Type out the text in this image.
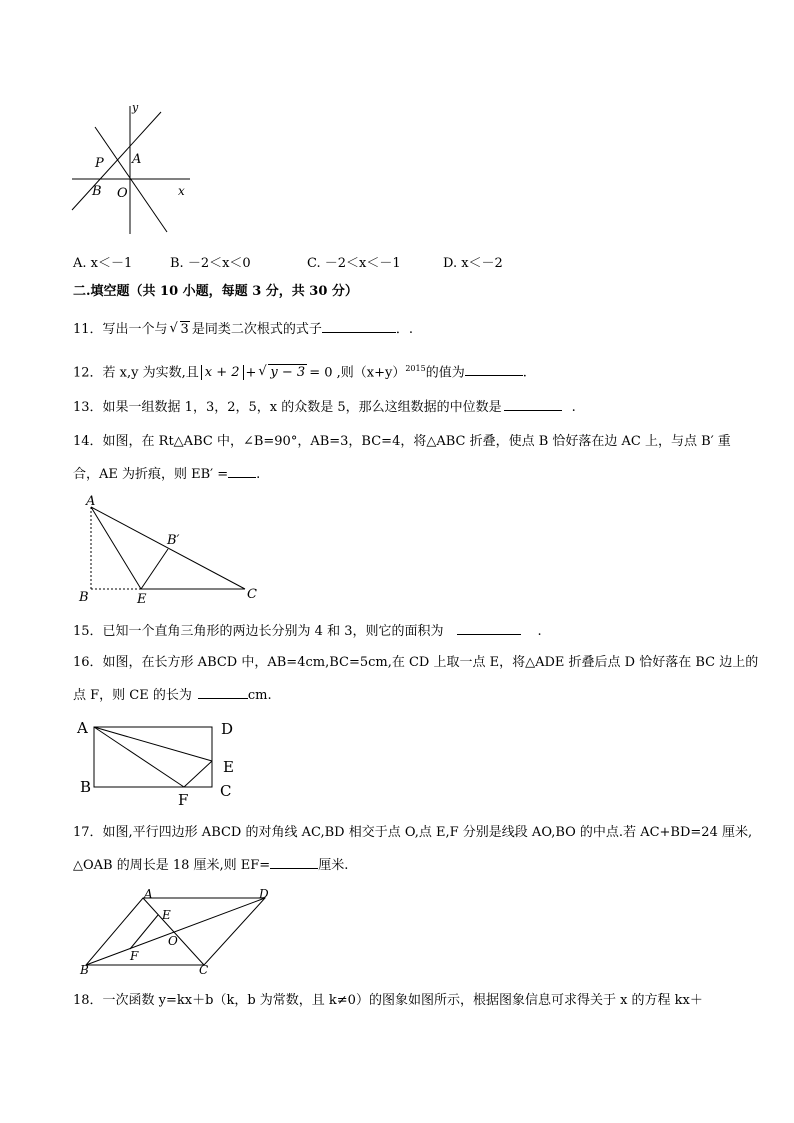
y
x
P A
B O
A. x＜－1	B. －2＜x＜0	C. －2＜x＜－1	D. x＜－2
二.填空题（共 10 小题，每题 3 分，共 30 分）
11．写出一个与 √ 3 是同类二次根式的式子	．.
12．若 x,y 为实数,且 x + 2 + √ y − 3 = 0 ,则$(x+y)^{2015}$的值为	.
13．如果一组数据 1，3，2，5，x 的众数是 5，那么这组数据的中位数是	.
14．如图，在 Rt△ABC 中，∠B=90°，AB=3，BC=4，将△ABC 折叠，使点 B 恰好落在边 AC 上，与点 B′ 重
合，AE 为折痕，则 EB′ = .
A
B′
B	E	C
15．已知一个直角三角形的两边长分别为 4 和 3，则它的面积为	.
16．如图，在长方形 ABCD 中，AB=4cm,BC=5cm,在 CD 上取一点 E，将△ADE 折叠后点 D 恰好落在 BC 边上的
点 F，则 CE 的长为	cm.
A	D
E
B
F C
17．如图,平行四边形 ABCD 的对角线 AC,BD 相交于点 O,点 E,F 分别是线段 AO,BO 的中点.若 AC+BD=24 厘米,
△OAB 的周长是 18 厘米,则 EF=	厘米.
A	D
E
O
B
F
C
18．一次函数 y=kx＋b（k，b 为常数，且 k≠0）的图象如图所示，根据图象信息可求得关于 x 的方程 kx＋
